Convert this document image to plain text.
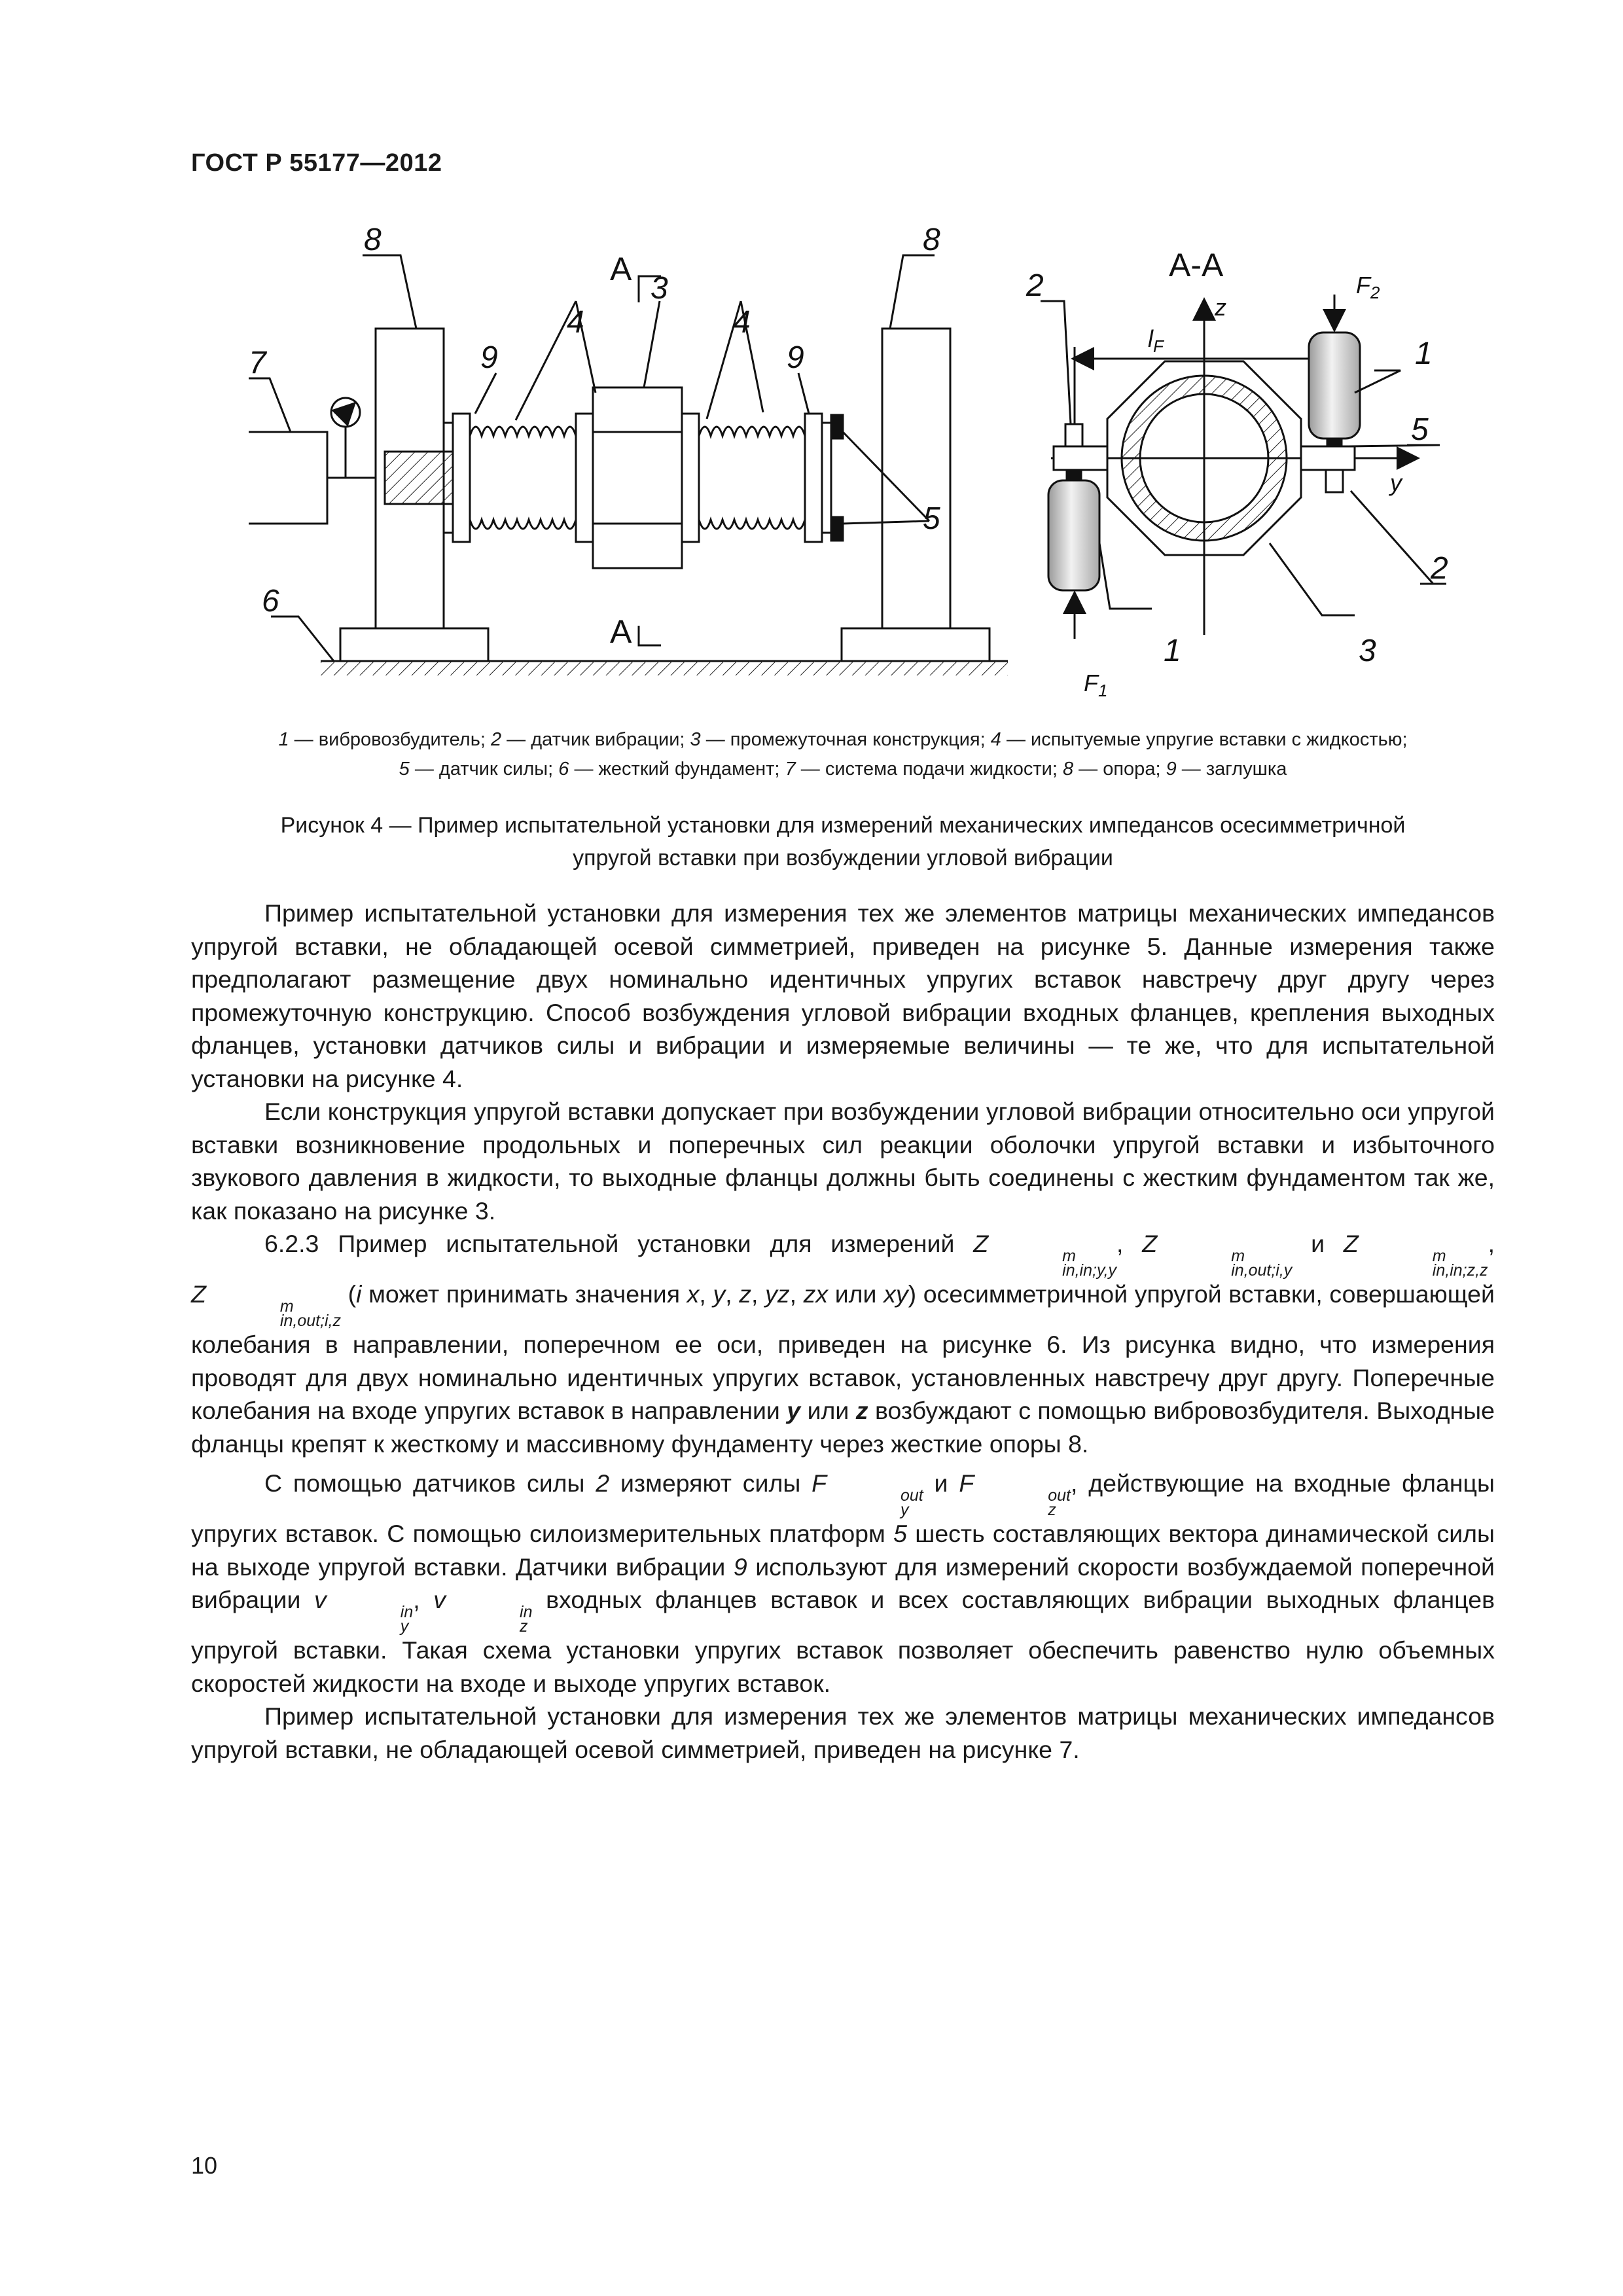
ГОСТ Р 55177—2012
8	8
7
6
9	9
4	4
3
5
2
2
1
1
5
3
A
A
A-A
z
y
$l_F$
$F_1$
$F_2$
1 — вибровозбудитель; 2 — датчик вибрации; 3 — промежуточная конструкция; 4 — испытуемые упругие вставки с жидкостью;
5 — датчик силы; 6 — жесткий фундамент; 7 — система подачи жидкости; 8 — опора; 9 — заглушка
Рисунок 4 — Пример испытательной установки для измерений механических импедансов осесимметричной
упругой вставки при возбуждении угловой вибрации

Пример испытательной установки для измерения тех же элементов матрицы механических импедансов упругой вставки, не обладающей осевой симметрией, приведен на рисунке 5. Данные измерения также предполагают размещение двух номинально идентичных упругих вставок навстречу друг другу через промежуточную конструкцию. Способ возбуждения угловой вибрации входных фланцев, крепления выходных фланцев, установки датчиков силы и вибрации и измеряемые величины — те же, что для испытательной установки на рисунке 4.

Если конструкция упругой вставки допускает при возбуждении угловой вибрации относительно оси упругой вставки возникновение продольных и поперечных сил реакции оболочки упругой вставки и избыточного звукового давления в жидкости, то выходные фланцы должны быть соединены с жестким фундаментом так же, как показано на рисунке 3.

6.2.3 Пример испытательной установки для измерений Z	m
in,in;y,y
, Z	m
in,out;i,y
и Z	m
in,in;z,z
, Z	m
in,out;i,z
(i может принимать значения x, y, z, yz, zx или xy) осесимметричной упругой вставки, совершающей колебания в направлении, поперечном ее оси, приведен на рисунке 6. Из рисунка видно, что измерения проводят для двух номинально идентичных упругих вставок, установленных навстречу друг другу. Поперечные колебания на входе упругих вставок в направлении y или z возбуждают с помощью вибровозбудителя. Выходные фланцы крепят к жесткому и массивному фундаменту через жесткие опоры 8.

С помощью датчиков силы 2 измеряют силы F	out
y
и F	out
z
, действующие на входные фланцы упругих вставок. С помощью силоизмерительных платформ 5 шесть составляющих вектора динамической силы на выходе упругой вставки. Датчики вибрации 9 используют для измерений скорости возбуждаемой поперечной вибрации v	in
y
, v	in
z
входных фланцев вставок и всех составляющих вибрации выходных фланцев упругой вставки. Такая схема установки упругих вставок позволяет обеспечить равенство нулю объемных скоростей жидкости на входе и выходе упругих вставок.

Пример испытательной установки для измерения тех же элементов матрицы механических импедансов упругой вставки, не обладающей осевой симметрией, приведен на рисунке 7.

10
